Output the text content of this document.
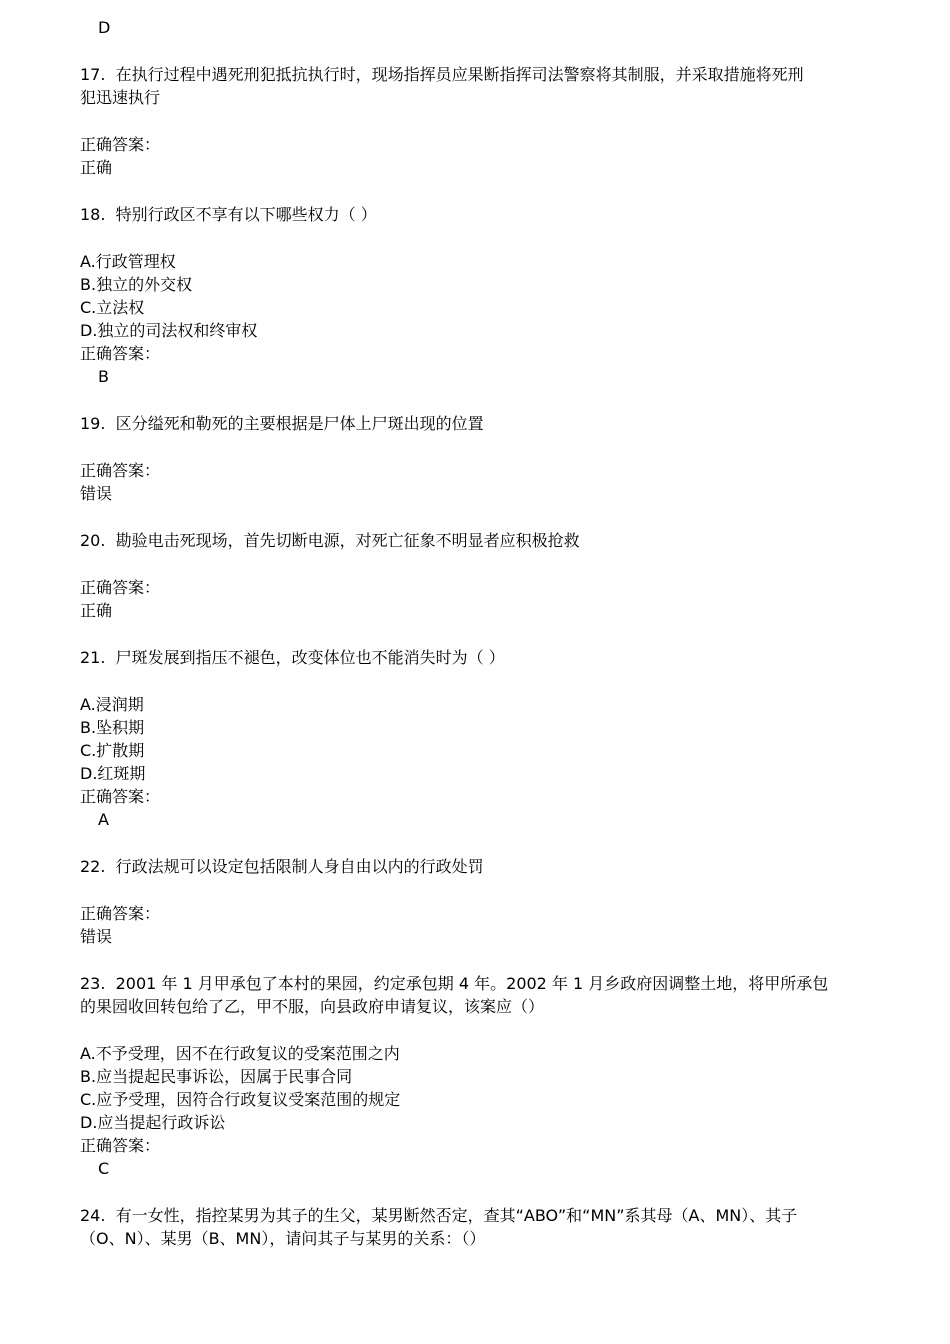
D
17. 在执行过程中遇死刑犯抵抗执行时，现场指挥员应果断指挥司法警察将其制服，并采取措施将死刑
犯迅速执行
正确答案：
正确
18. 特别行政区不享有以下哪些权力（ ）
A.行政管理权
B.独立的外交权
C.立法权
D.独立的司法权和终审权
正确答案：
B
19. 区分缢死和勒死的主要根据是尸体上尸斑出现的位置
正确答案：
错误
20. 勘验电击死现场，首先切断电源，对死亡征象不明显者应积极抢救
正确答案：
正确
21. 尸斑发展到指压不褪色，改变体位也不能消失时为（ ）
A.浸润期
B.坠积期
C.扩散期
D.红斑期
正确答案：
A
22. 行政法规可以设定包括限制人身自由以内的行政处罚
正确答案：
错误
23. 2001 年 1 月甲承包了本村的果园，约定承包期 4 年。2002 年 1 月乡政府因调整土地，将甲所承包
的果园收回转包给了乙，甲不服，向县政府申请复议，该案应（）
A.不予受理，因不在行政复议的受案范围之内
B.应当提起民事诉讼，因属于民事合同
C.应予受理，因符合行政复议受案范围的规定
D.应当提起行政诉讼
正确答案：
C
24. 有一女性，指控某男为其子的生父，某男断然否定，查其“ABO”和“MN”系其母（A、MN）、其子
（O、N）、某男（B、MN），请问其子与某男的关系：（）
